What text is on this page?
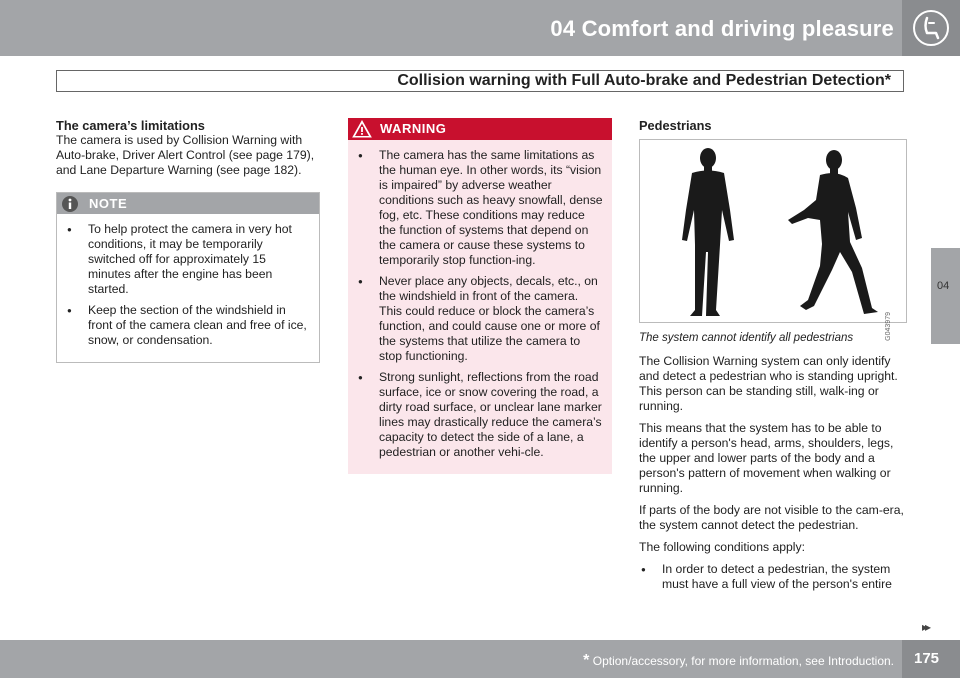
04 Comfort and driving pleasure
Collision warning with Full Auto-brake and Pedestrian Detection*
04
The camera’s limitations

The camera is used by Collision Warning with Auto-brake, Driver Alert Control (see page 179), and Lane Departure Warning (see page 182).

NOTE
● To help protect the camera in very hot conditions, it may be temporarily switched off for approximately 15 minutes after the engine has been started.
● Keep the section of the windshield in front of the camera clean and free of ice, snow, or condensation.
WARNING
● The camera has the same limitations as the human eye. In other words, its “vision is impaired” by adverse weather conditions such as heavy snowfall, dense fog, etc. These conditions may reduce the function of systems that depend on the camera or cause these systems to temporarily stop function-ing.
● Never place any objects, decals, etc., on the windshield in front of the camera. This could reduce or block the camera’s function, and could cause one or more of the systems that utilize the camera to stop functioning.
● Strong sunlight, reflections from the road surface, ice or snow covering the road, a dirty road surface, or unclear lane marker lines may drastically reduce the camera’s capacity to detect the side of a lane, a pedestrian or another vehi-cle.
Pedestrians
G043979
The system cannot identify all pedestrians

The Collision Warning system can only identify and detect a pedestrian who is standing upright. This person can be standing still, walk-ing or running.

This means that the system has to be able to identify a person's head, arms, shoulders, legs, the upper and lower parts of the body and a person's pattern of movement when walking or running.

If parts of the body are not visible to the cam-era, the system cannot detect the pedestrian.

The following conditions apply:

● In order to detect a pedestrian, the system must have a full view of the person's entire
▸▸
* Option/accessory, for more information, see Introduction. 175
